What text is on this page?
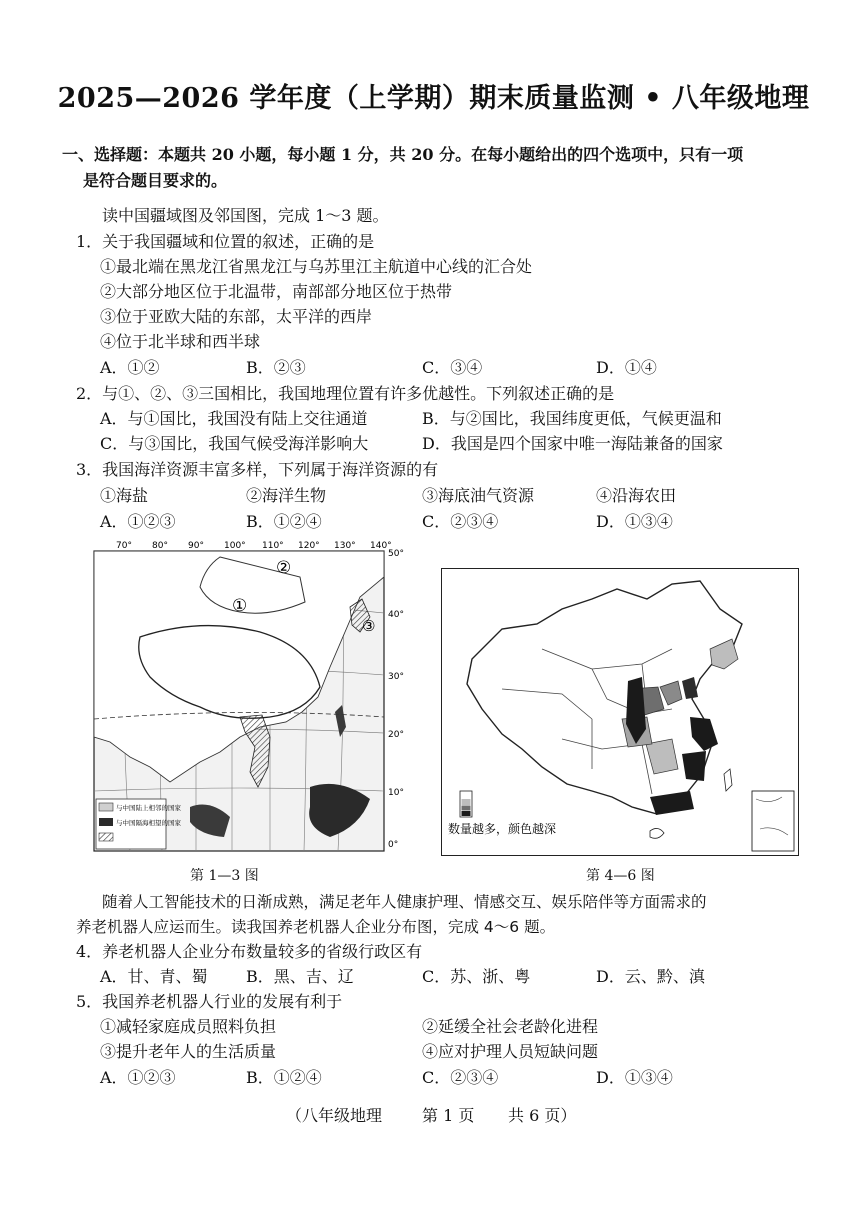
2025—2026 学年度（上学期）期末质量监测 • 八年级地理
一、选择题：本题共 20 小题，每小题 1 分，共 20 分。在每小题给出的四个选项中，只有一项
是符合题目要求的。
读中国疆域图及邻国图，完成 1～3 题。
1．关于我国疆域和位置的叙述，正确的是
①最北端在黑龙江省黑龙江与乌苏里江主航道中心线的汇合处
②大部分地区位于北温带，南部部分地区位于热带
③位于亚欧大陆的东部，太平洋的西岸
④位于北半球和西半球
A．①②	B．②③	C．③④	D．①④
2．与①、②、③三国相比，我国地理位置有许多优越性。下列叙述正确的是
A．与①国比，我国没有陆上交往通道	B．与②国比，我国纬度更低，气候更温和
C．与③国比，我国气候受海洋影响大	D．我国是四个国家中唯一海陆兼备的国家
3．我国海洋资源丰富多样，下列属于海洋资源的有
①海盐	②海洋生物	③海底油气资源	④沿海农田
A．①②③	B．①②④	C．②③④	D．①③④
70° 80° 90° 100° 110° 120° 130° 140°
50°
40°
30°
20°
10°
0°
①
②
③
与中国陆上相邻的国家
与中国隔海相望的国家
第 1—3 图
数量越多，颜色越深
第 4—6 图
随着人工智能技术的日渐成熟，满足老年人健康护理、情感交互、娱乐陪伴等方面需求的
养老机器人应运而生。读我国养老机器人企业分布图，完成 4～6 题。
4．养老机器人企业分布数量较多的省级行政区有
A．甘、青、蜀 B．黑、吉、辽	C．苏、浙、粤	D．云、黔、滇
5．我国养老机器人行业的发展有利于
①减轻家庭成员照料负担	②延缓全社会老龄化进程
③提升老年人的生活质量	④应对护理人员短缺问题
A．①②③	B．①②④	C．②③④	D．①③④
（八年级地理 第 1 页 共 6 页）
